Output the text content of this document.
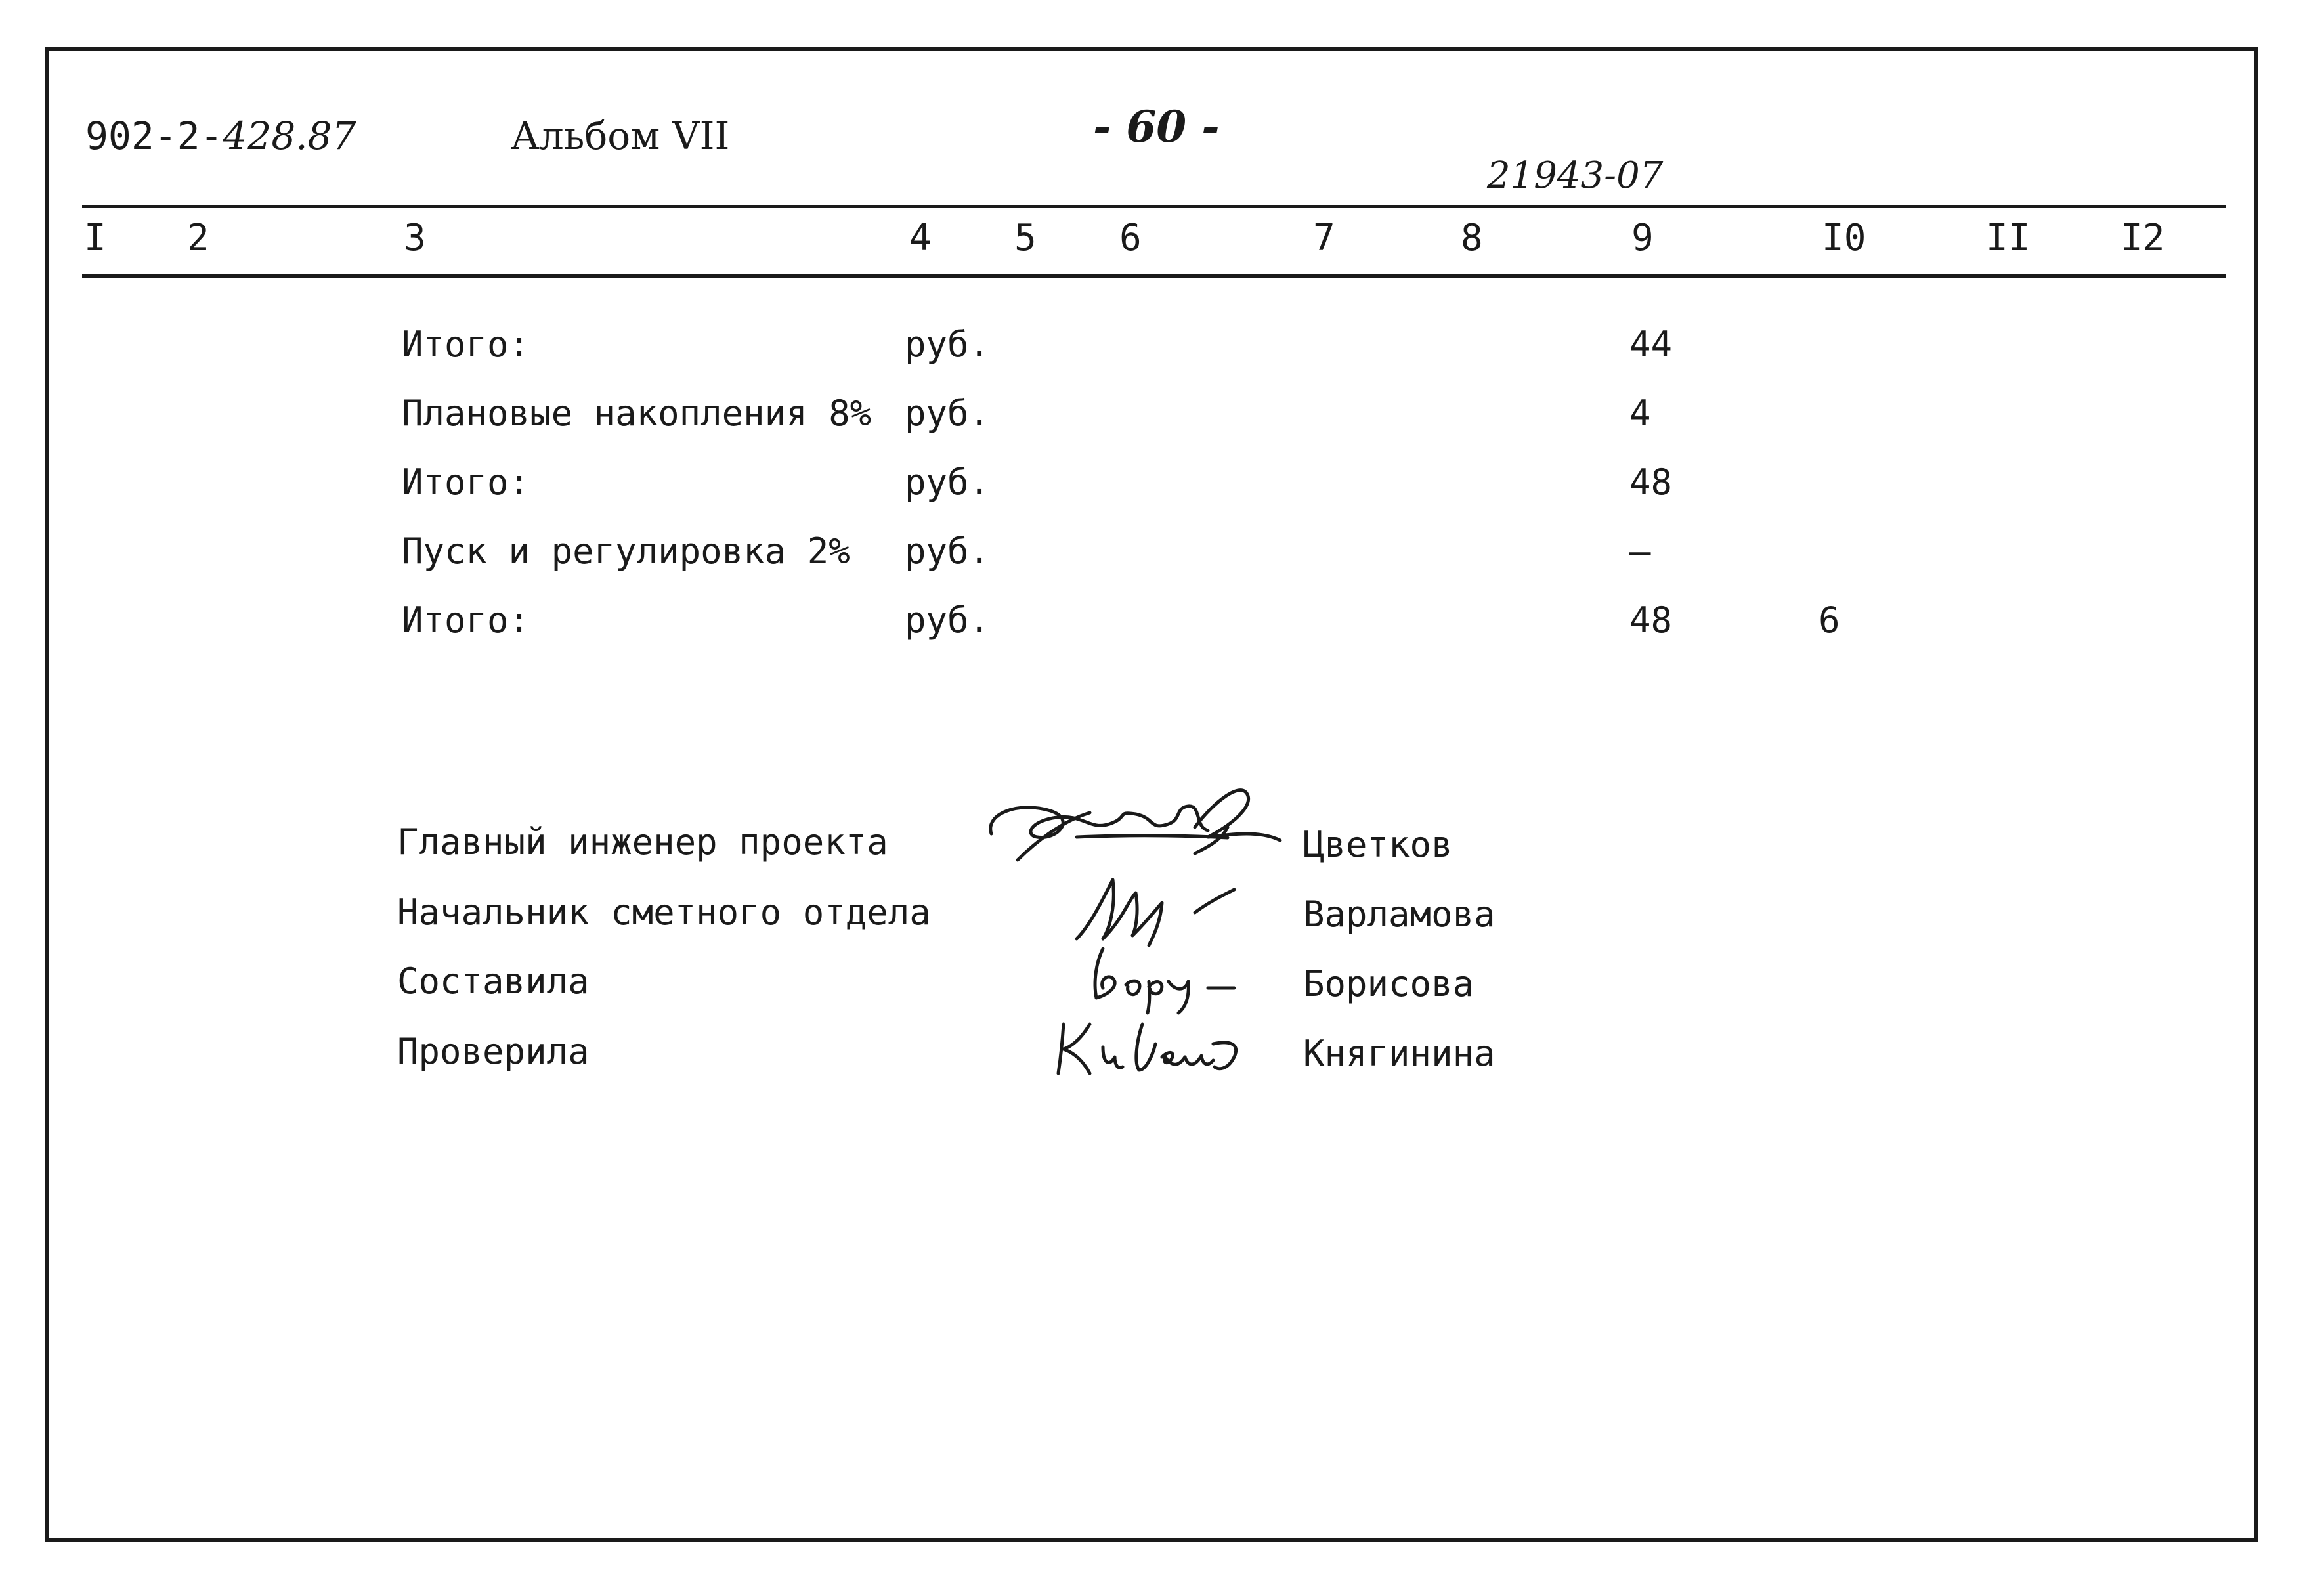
902-2-428.87	Альбом VII	- 60 -
21943-07
I 2	3	4 5 6	7	8	9	I0	II I2
Итого:	руб.	44
Плановые накопления 8% руб.	4
Итого:	руб.	48
Пуск и регулировка 2% руб.	–
Итого:	руб.	48	6
Главный инженер проекта	Цветков
Начальник сметного отдела	Варламова
Составила	Борисова
Проверила	Княгинина
